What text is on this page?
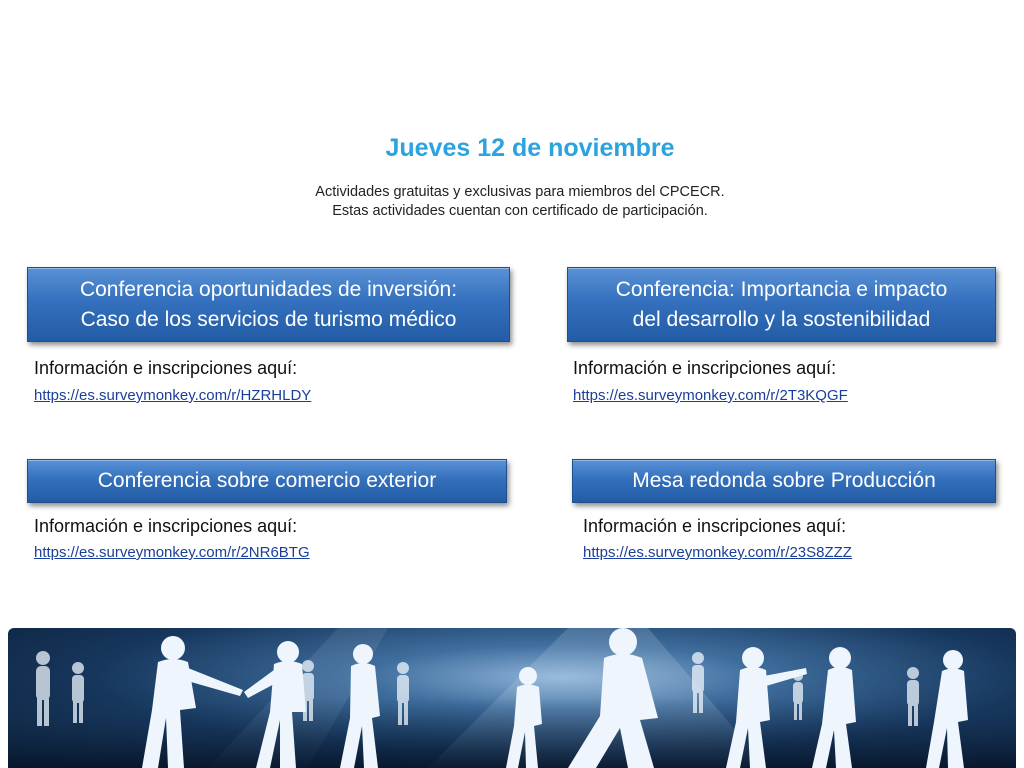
Jueves 12 de noviembre
Actividades gratuitas y exclusivas para miembros del CPCECR.
Estas actividades cuentan con certificado de participación.
Conferencia oportunidades de inversión:
Caso de los servicios de turismo médico

Información e inscripciones aquí:

https://es.surveymonkey.com/r/HZRHLDY
Conferencia: Importancia e impacto
del desarrollo y la sostenibilidad

Información e inscripciones aquí:

https://es.surveymonkey.com/r/2T3KQGF
Conferencia sobre comercio exterior

Información e inscripciones aquí:

https://es.surveymonkey.com/r/2NR6BTG
Mesa redonda sobre Producción

Información e inscripciones aquí:

https://es.surveymonkey.com/r/23S8ZZZ
